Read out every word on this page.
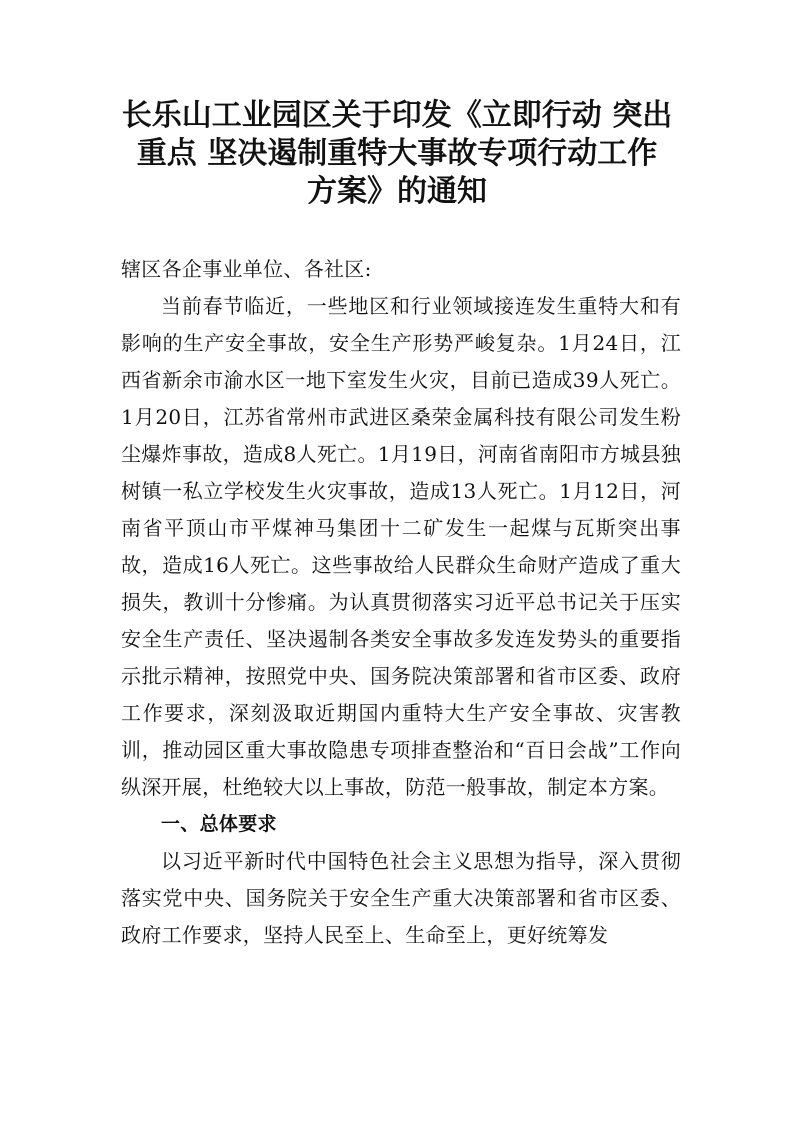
长乐山工业园区关于印发《立即行动 突出
重点 坚决遏制重特大事故专项行动工作
方案》的通知

辖区各企事业单位、各社区:

当前春节临近，一些地区和行业领域接连发生重特大和有影响的生产安全事故，安全生产形势严峻复杂。1月24日，江西省新余市渝水区一地下室发生火灾，目前已造成39人死亡。1月20日，江苏省常州市武进区桑荣金属科技有限公司发生粉尘爆炸事故，造成8人死亡。1月19日，河南省南阳市方城县独树镇一私立学校发生火灾事故，造成13人死亡。1月12日，河南省平顶山市平煤神马集团十二矿发生一起煤与瓦斯突出事故，造成16人死亡。这些事故给人民群众生命财产造成了重大损失，教训十分惨痛。为认真贯彻落实习近平总书记关于压实安全生产责任、坚决遏制各类安全事故多发连发势头的重要指示批示精神，按照党中央、国务院决策部署和省市区委、政府工作要求，深刻汲取近期国内重特大生产安全事故、灾害教训，推动园区重大事故隐患专项排查整治和“百日会战”工作向纵深开展，杜绝较大以上事故，防范一般事故，制定本方案。

一、总体要求

以习近平新时代中国特色社会主义思想为指导，深入贯彻落实党中央、国务院关于安全生产重大决策部署和省市区委、政府工作要求，坚持人民至上、生命至上，更好统筹发
